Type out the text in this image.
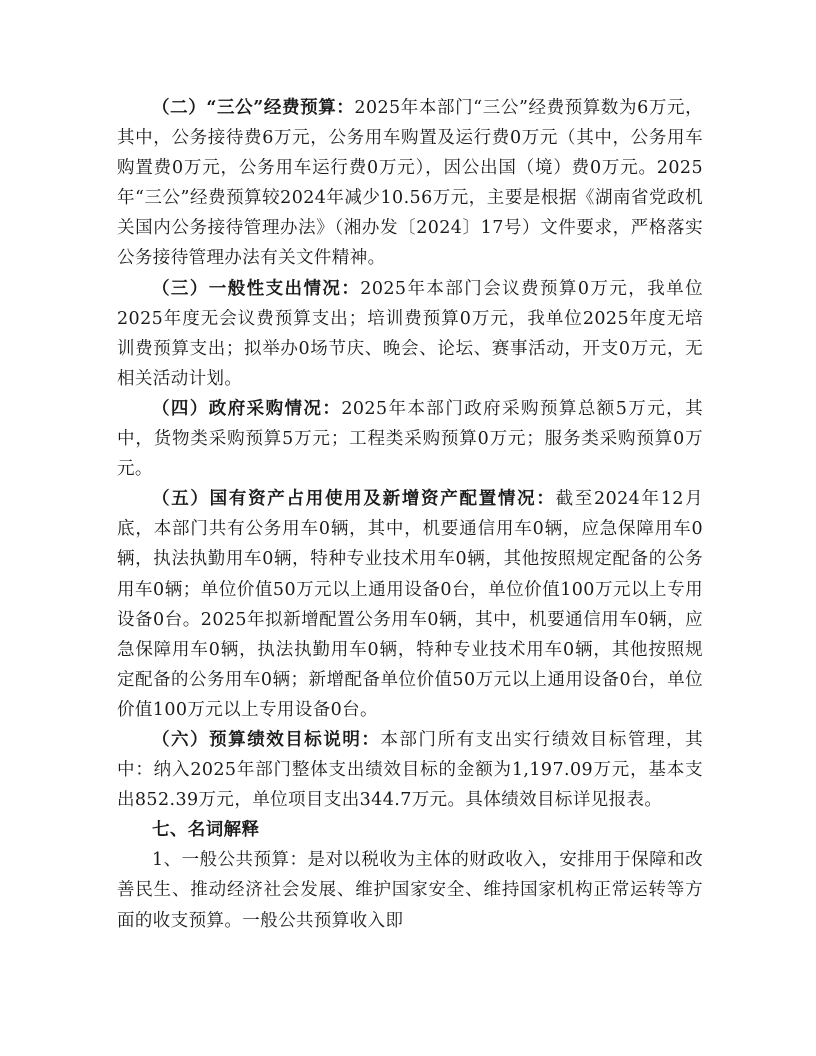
（二）“三公”经费预算：2025年本部门“三公”经费预算数为6万元，其中，公务接待费6万元，公务用车购置及运行费0万元（其中，公务用车购置费0万元，公务用车运行费0万元），因公出国（境）费0万元。2025年“三公”经费预算较2024年减少10.56万元，主要是根据《湖南省党政机关国内公务接待管理办法》（湘办发〔2024〕17号）文件要求，严格落实公务接待管理办法有关文件精神。

（三）一般性支出情况：2025年本部门会议费预算0万元，我单位2025年度无会议费预算支出；培训费预算0万元，我单位2025年度无培训费预算支出；拟举办0场节庆、晚会、论坛、赛事活动，开支0万元，无相关活动计划。

（四）政府采购情况：2025年本部门政府采购预算总额5万元，其中，货物类采购预算5万元；工程类采购预算0万元；服务类采购预算0万元。

（五）国有资产占用使用及新增资产配置情况：截至2024年12月底，本部门共有公务用车0辆，其中，机要通信用车0辆，应急保障用车0辆，执法执勤用车0辆，特种专业技术用车0辆，其他按照规定配备的公务用车0辆；单位价值50万元以上通用设备0台，单位价值100万元以上专用设备0台。2025年拟新增配置公务用车0辆，其中，机要通信用车0辆，应急保障用车0辆，执法执勤用车0辆，特种专业技术用车0辆，其他按照规定配备的公务用车0辆；新增配备单位价值50万元以上通用设备0台，单位价值100万元以上专用设备0台。

（六）预算绩效目标说明：本部门所有支出实行绩效目标管理，其中：纳入2025年部门整体支出绩效目标的金额为1,197.09万元，基本支出852.39万元，单位项目支出344.7万元。具体绩效目标详见报表。

七、名词解释

1、一般公共预算：是对以税收为主体的财政收入，安排用于保障和改善民生、推动经济社会发展、维护国家安全、维持国家机构正常运转等方面的收支预算。一般公共预算收入即
